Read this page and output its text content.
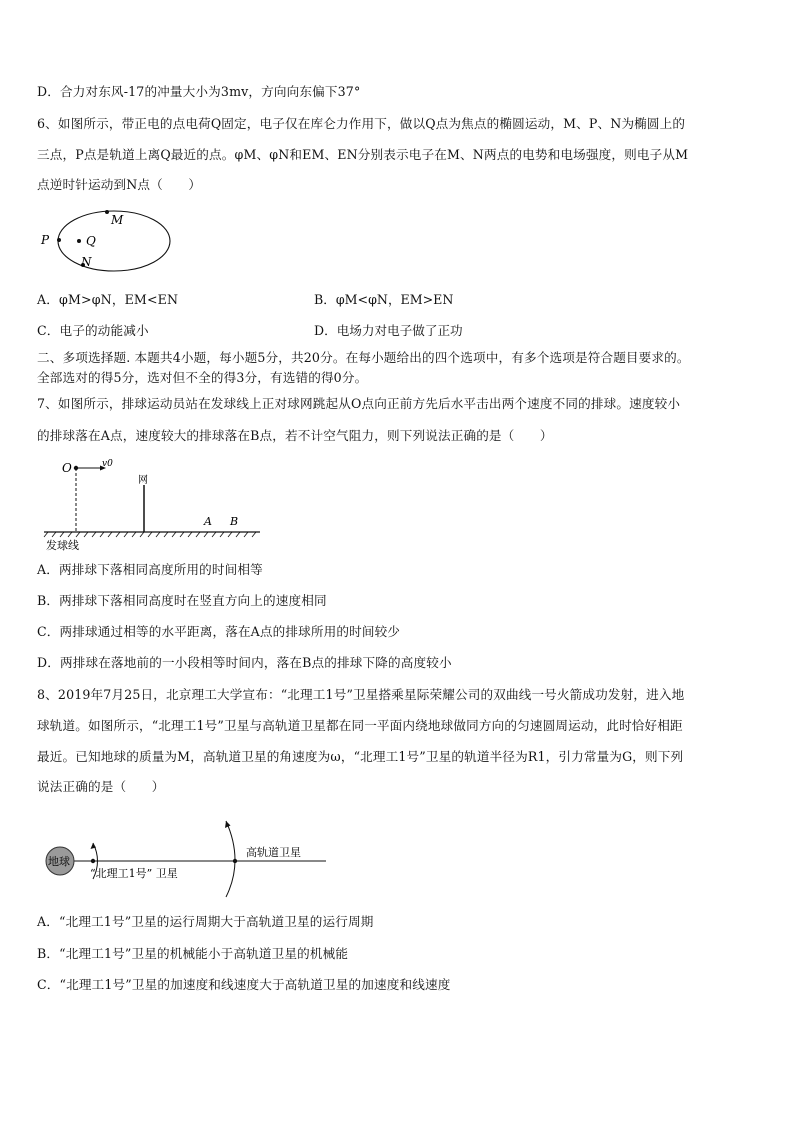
D．合力对东风-17的冲量大小为3mv，方向向东偏下37°
6、如图所示，带正电的点电荷Q固定，电子仅在库仑力作用下，做以Q点为焦点的椭圆运动，M、P、N为椭圆上的
三点，P点是轨道上离Q最近的点。φM、φN和EM、EN分别表示电子在M、N两点的电势和电场强度，则电子从M
点逆时针运动到N点（　　）
M
P	Q
N
A．φM>φN，EM<EN	B．φM<φN，EM>EN
C．电子的动能减小	D．电场力对电子做了正功
二、多项选择题. 本题共4小题，每小题5分，共20分。在每小题给出的四个选项中，有多个选项是符合题目要求的。
全部选对的得5分，选对但不全的得3分，有选错的得0分。
7、如图所示，排球运动员站在发球线上正对球网跳起从O点向正前方先后水平击出两个速度不同的排球。速度较小
的排球落在A点，速度较大的排球落在B点，若不计空气阻力，则下列说法正确的是（　　）
O	v0
网
A B
发球线
A．两排球下落相同高度所用的时间相等
B．两排球下落相同高度时在竖直方向上的速度相同
C．两排球通过相等的水平距离，落在A点的排球所用的时间较少
D．两排球在落地前的一小段相等时间内，落在B点的排球下降的高度较小
8、2019年7月25日，北京理工大学宣布：“北理工1号”卫星搭乘星际荣耀公司的双曲线一号火箭成功发射，进入地
球轨道。如图所示，“北理工1号”卫星与高轨道卫星都在同一平面内绕地球做同方向的匀速圆周运动，此时恰好相距
最近。已知地球的质量为M，高轨道卫星的角速度为ω，“北理工1号”卫星的轨道半径为R1，引力常量为G，则下列
说法正确的是（　　）
地球
“北理工1号” 卫星
高轨道卫星
A．“北理工1号”卫星的运行周期大于高轨道卫星的运行周期
B．“北理工1号”卫星的机械能小于高轨道卫星的机械能
C．“北理工1号”卫星的加速度和线速度大于高轨道卫星的加速度和线速度
